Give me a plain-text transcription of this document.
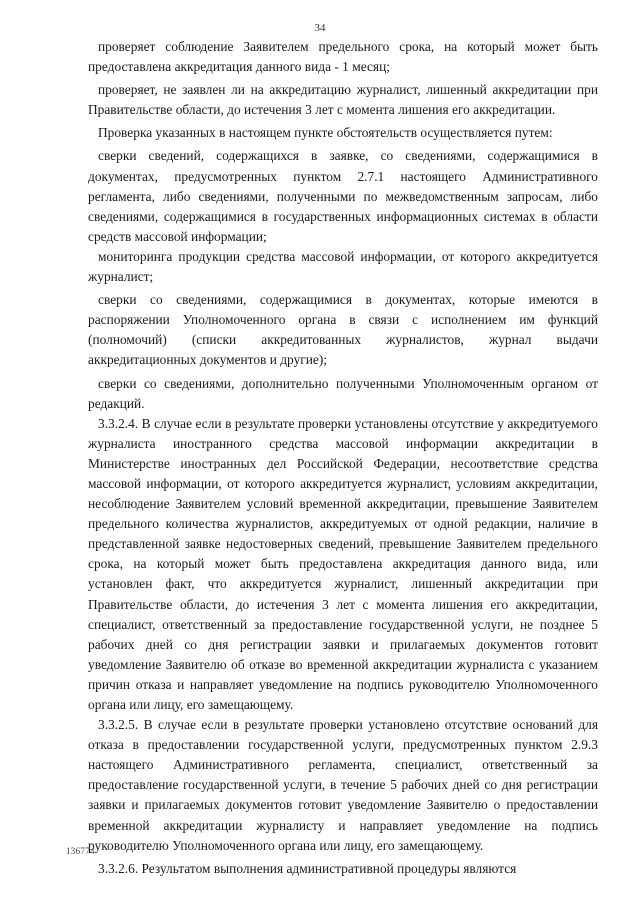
34

проверяет соблюдение Заявителем предельного срока, на который может быть предоставлена аккредитация данного вида - 1 месяц;

проверяет, не заявлен ли на аккредитацию журналист, лишенный аккредитации при Правительстве области, до истечения 3 лет с момента лишения его аккредитации.

Проверка указанных в настоящем пункте обстоятельств осуществляется путем:

сверки сведений, содержащихся в заявке, со сведениями, содержащимися в документах, предусмотренных пунктом 2.7.1 настоящего Административного регламента, либо сведениями, полученными по межведомственным запросам, либо сведениями, содержащимися в государственных информационных системах в области средств массовой информации;

мониторинга продукции средства массовой информации, от которого аккредитуется журналист;

сверки со сведениями, содержащимися в документах, которые имеются в распоряжении Уполномоченного органа в связи с исполнением им функций (полномочий) (списки аккредитованных журналистов, журнал выдачи аккредитационных документов и другие);

сверки со сведениями, дополнительно полученными Уполномоченным органом от редакций.

3.3.2.4. В случае если в результате проверки установлены отсутствие у аккредитуемого журналиста иностранного средства массовой информации аккредитации в Министерстве иностранных дел Российской Федерации, несоответствие средства массовой информации, от которого аккредитуется журналист, условиям аккредитации, несоблюдение Заявителем условий временной аккредитации, превышение Заявителем предельного количества журналистов, аккредитуемых от одной редакции, наличие в представленной заявке недостоверных сведений, превышение Заявителем предельного срока, на который может быть предоставлена аккредитация данного вида, или установлен факт, что аккредитуется журналист, лишенный аккредитации при Правительстве области, до истечения 3 лет с момента лишения его аккредитации, специалист, ответственный за предоставление государственной услуги, не позднее 5 рабочих дней со дня регистрации заявки и прилагаемых документов готовит уведомление Заявителю об отказе во временной аккредитации журналиста с указанием причин отказа и направляет уведомление на подпись руководителю Уполномоченного органа или лицу, его замещающему.

3.3.2.5. В случае если в результате проверки установлено отсутствие оснований для отказа в предоставлении государственной услуги, предусмотренных пунктом 2.9.3 настоящего Административного регламента, специалист, ответственный за предоставление государственной услуги, в течение 5 рабочих дней со дня регистрации заявки и прилагаемых документов готовит уведомление Заявителю о предоставлении временной аккредитации журналисту и направляет уведомление на подпись руководителю Уполномоченного органа или лицу, его замещающему.

3.3.2.6. Результатом выполнения административной процедуры являются

136774
